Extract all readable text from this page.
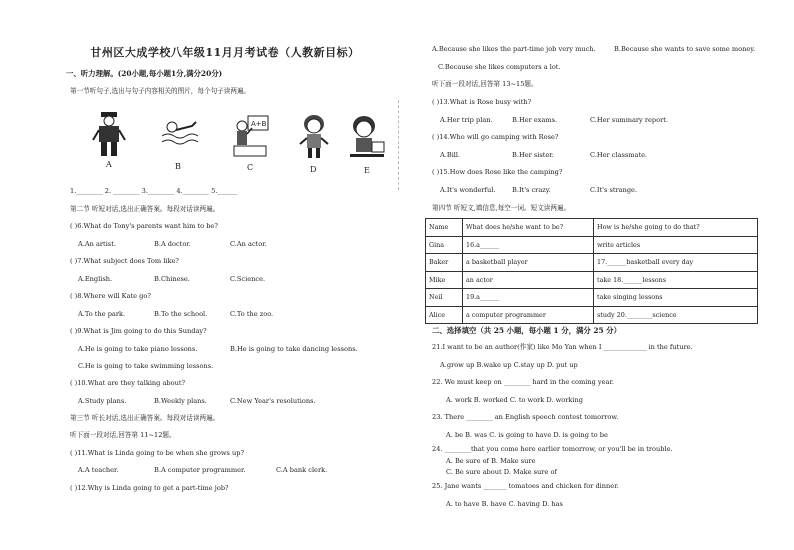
甘州区大成学校八年级11月月考试卷（人教新目标）
一、听力理解。(20小题,每小题1分,满分20分)
第一节听句子,选出与句子内容相关的图片，每个句子读两遍。
A	B
A+B
C	D	E
1.________ 2. ________ 3.________ 4.________ 5.______
第二节 听短对话,选出正确答案。每段对话读两遍。
( )6.What do Tony's parents want him to be?
A.An artist.	B.A doctor.	C.An actor.
( )7.What subject does Tom like?
A.English.	B.Chinese.	C.Science.
( )8.Where will Kate go?
A.To the park.	B.To the school.	C.To the zoo.
( )9.What is Jim going to do this Sunday?
A.He is going to take piano lessons.	B.He is going to take dancing lessons.
C.He is going to take swimming lessons.
( )10.What are they talking about?
A.Study plans.	B.Weekly plans.	C.New Year's resolutions.
第三节 听长对话,选出正确答案。每段对话读两遍。
听下面一段对话,回答第 11~12题。
( )11.What is Linda going to be when she grows up?
A.A teacher.	B.A computer programmer.	C.A bank clerk.
( )12.Why is Linda going to get a part-time job?
A.Because she likes the part-time job very much.	B.Because she wants to save some money.
C.Because she likes computers a lot.
听下面一段对话,回答第 13~15题。
( )13.What is Rose busy with?
A.Her trip plan.	B.Her exams.	C.Her summary report.
( )14.Who will go camping with Rose?
A.Bill.	B.Her sister.	C.Her classmate.
( )15.How does Rose like the camping?
A.It's wonderful.	B.It's crazy.	C.It's strange.
第四节 听短文,填信息,每空一词。短文读两遍。
Name	What does he/she want to be?	How is he/she going to do that?
Gina	16.a______	write articles
Baker	a basketball player	17.______basketball every day
Mike	an actor	take 18.______lessons
Neil	19.a______	take singing lessons
Alice	a computer programmer	study 20.________science
二、选择填空（共 25 小题，每小题 1 分，满分 25 分）
21.I want to be an author(作家) like Mo Yan when I _____________ in the future.
A.grow up B.wake up C.stay up D. put up
22. We must keep on ________ hard in the coming year.
A. work B. worked C. to work D. working
23. There ________ an English speech contest tomorrow.
A. be B. was C. is going to have D. is going to be
24. ________that you come here earlier tomorrow, or you'll be in trouble.
A. Be sure of B. Make sure
C. Be sure about D. Make sure of
25. Jane wants _______ tomatoes and chicken for dinner.
A. to have B. have C. having D. has
